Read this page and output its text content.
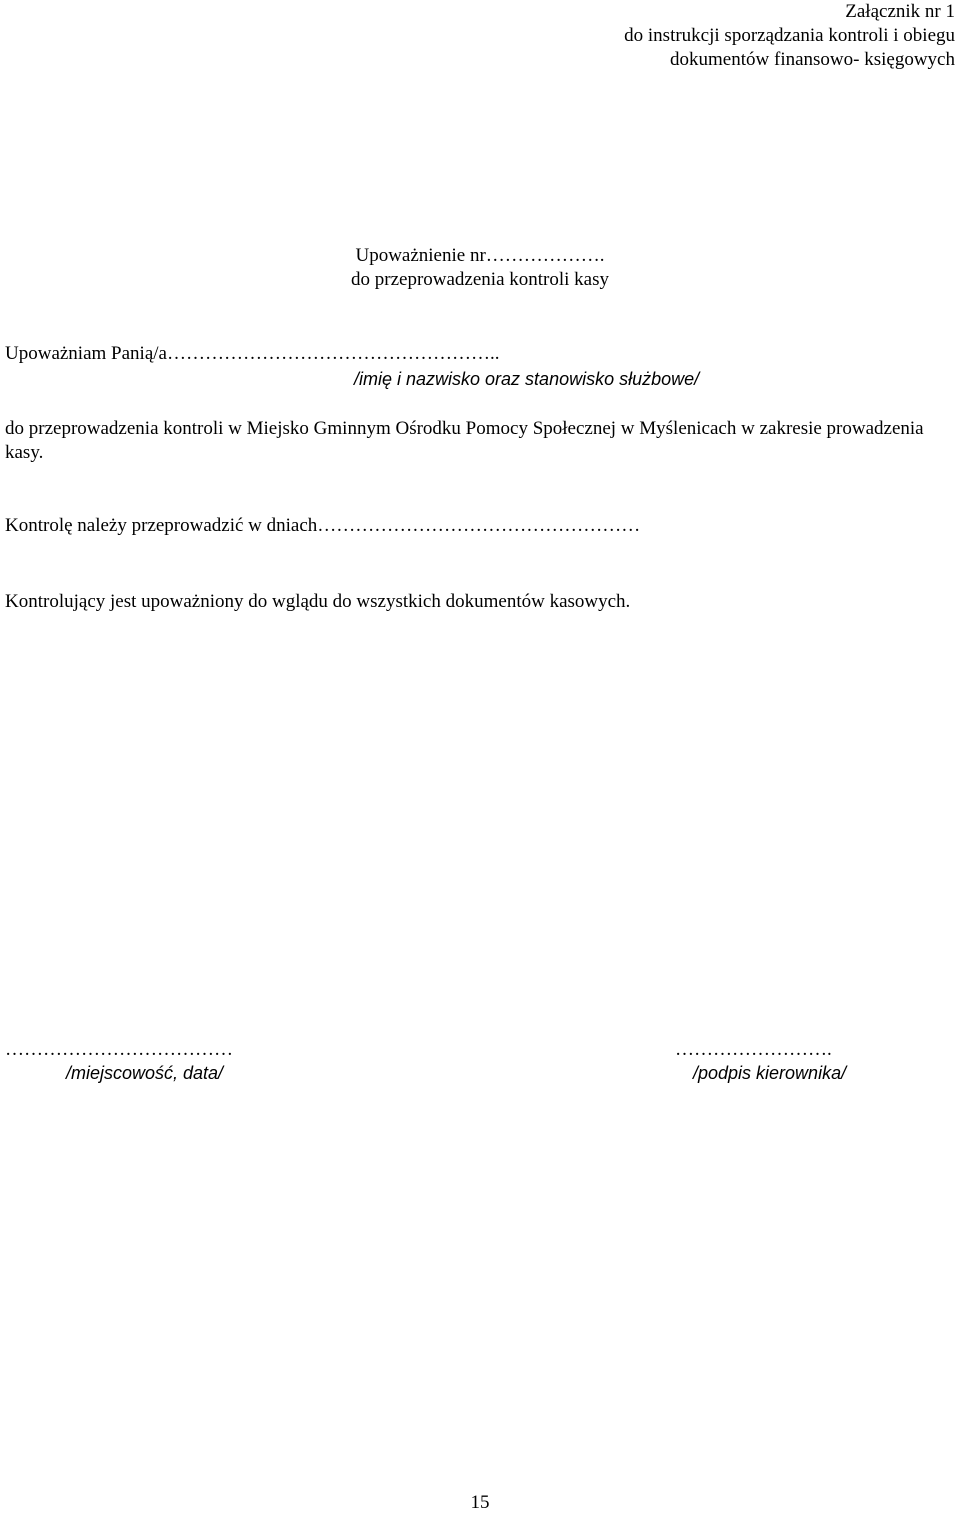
Załącznik nr 1
do instrukcji sporządzania kontroli i obiegu
dokumentów finansowo- księgowych
Upoważnienie nr……………….
do przeprowadzenia kontroli kasy
Upoważniam Panią/a……………………………………………..
/imię i nazwisko oraz stanowisko służbowe/
do przeprowadzenia kontroli w Miejsko Gminnym Ośrodku Pomocy Społecznej w Myślenicach w zakresie prowadzenia kasy.
Kontrolę należy przeprowadzić w dniach……………………………………………
Kontrolujący jest upoważniony do wglądu do wszystkich dokumentów kasowych.
………………………………
/miejscowość, data/
…………………….
/podpis kierownika/
15
